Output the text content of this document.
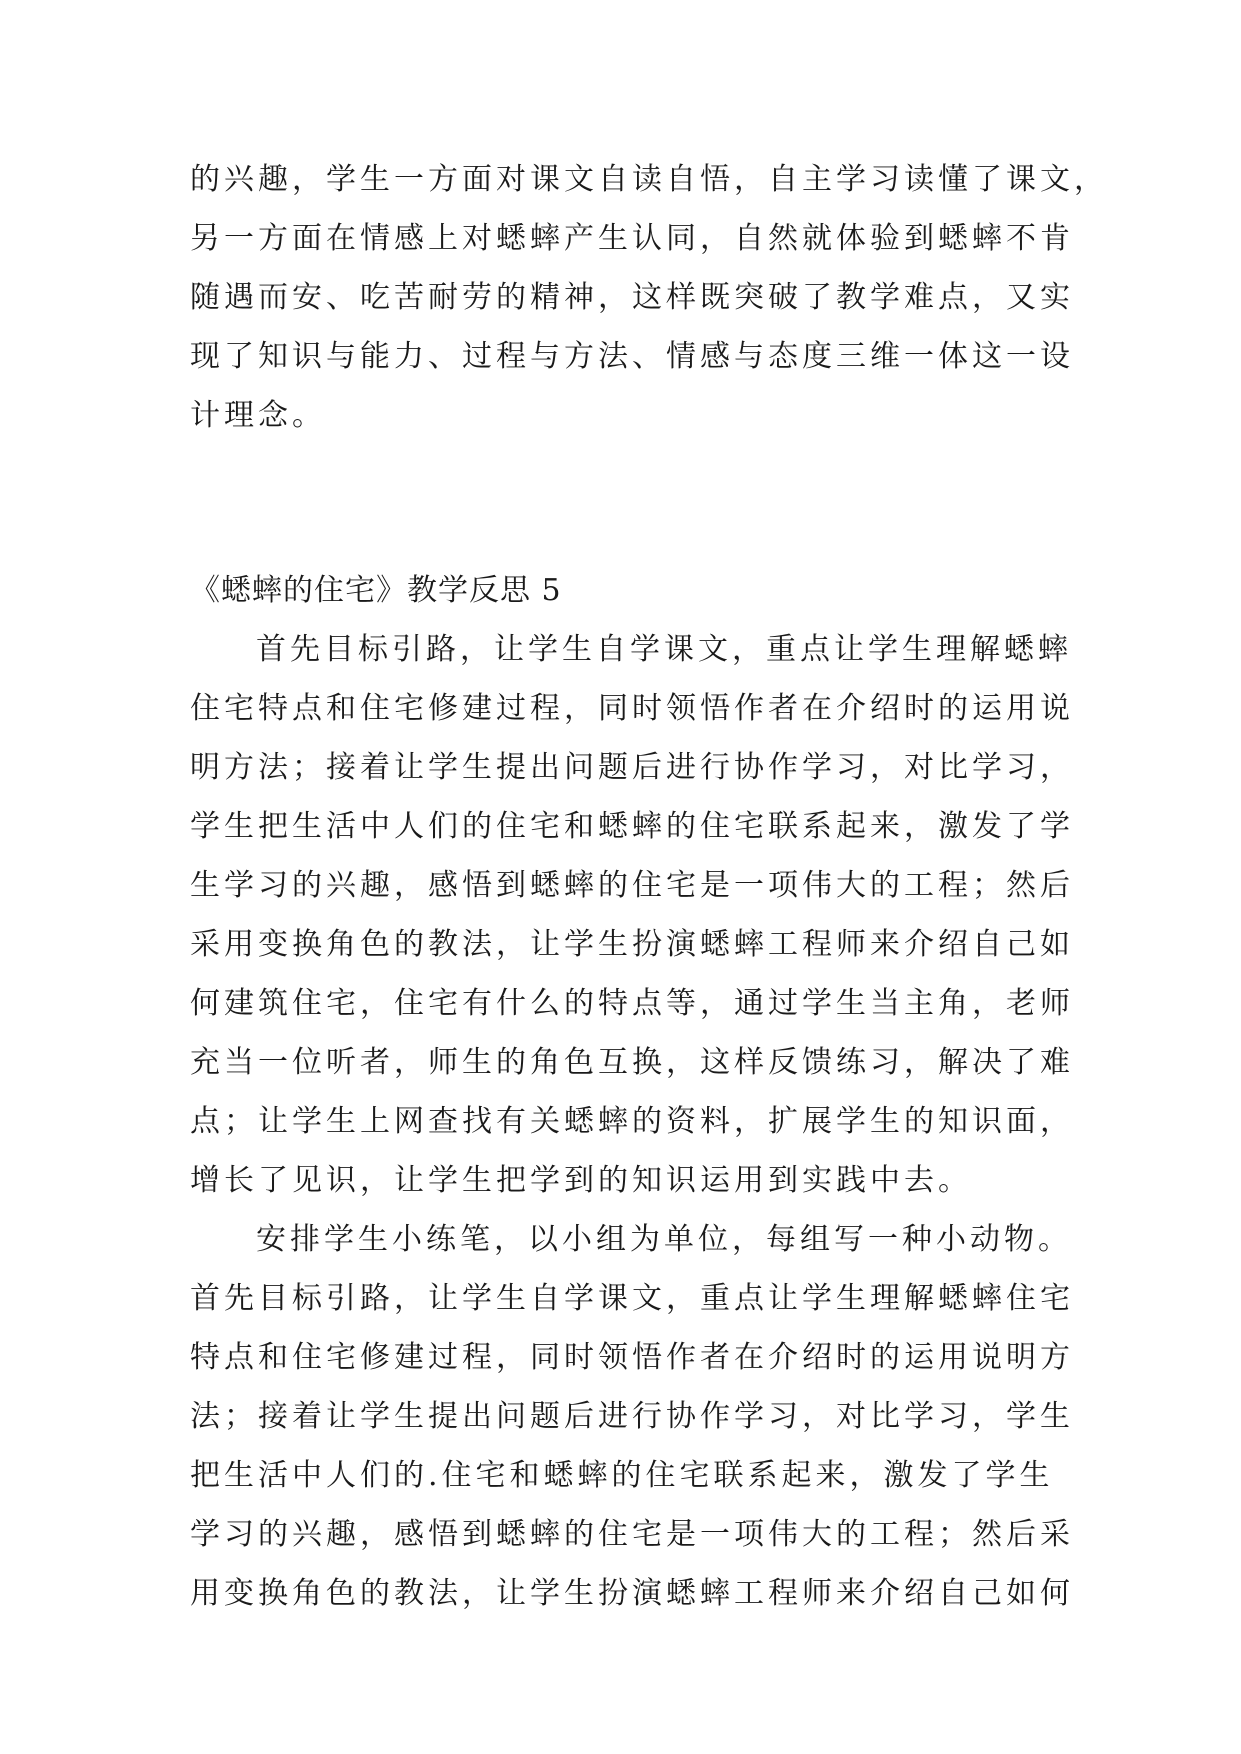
的兴趣，学生一方面对课文自读自悟，自主学习读懂了课文，
另一方面在情感上对蟋蟀产生认同，自然就体验到蟋蟀不肯
随遇而安、吃苦耐劳的精神，这样既突破了教学难点，又实
现了知识与能力、过程与方法、情感与态度三维一体这一设
计理念。
《蟋蟀的住宅》教学反思 5
首先目标引路，让学生自学课文，重点让学生理解蟋蟀
住宅特点和住宅修建过程，同时领悟作者在介绍时的运用说
明方法；接着让学生提出问题后进行协作学习，对比学习，
学生把生活中人们的住宅和蟋蟀的住宅联系起来，激发了学
生学习的兴趣，感悟到蟋蟀的住宅是一项伟大的工程；然后
采用变换角色的教法，让学生扮演蟋蟀工程师来介绍自己如
何建筑住宅，住宅有什么的特点等，通过学生当主角，老师
充当一位听者，师生的角色互换，这样反馈练习，解决了难
点；让学生上网查找有关蟋蟀的资料，扩展学生的知识面，
增长了见识，让学生把学到的知识运用到实践中去。
安排学生小练笔，以小组为单位，每组写一种小动物。
首先目标引路，让学生自学课文，重点让学生理解蟋蟀住宅
特点和住宅修建过程，同时领悟作者在介绍时的运用说明方
法；接着让学生提出问题后进行协作学习，对比学习，学生
把生活中人们的.住宅和蟋蟀的住宅联系起来，激发了学生
学习的兴趣，感悟到蟋蟀的住宅是一项伟大的工程；然后采
用变换角色的教法，让学生扮演蟋蟀工程师来介绍自己如何
